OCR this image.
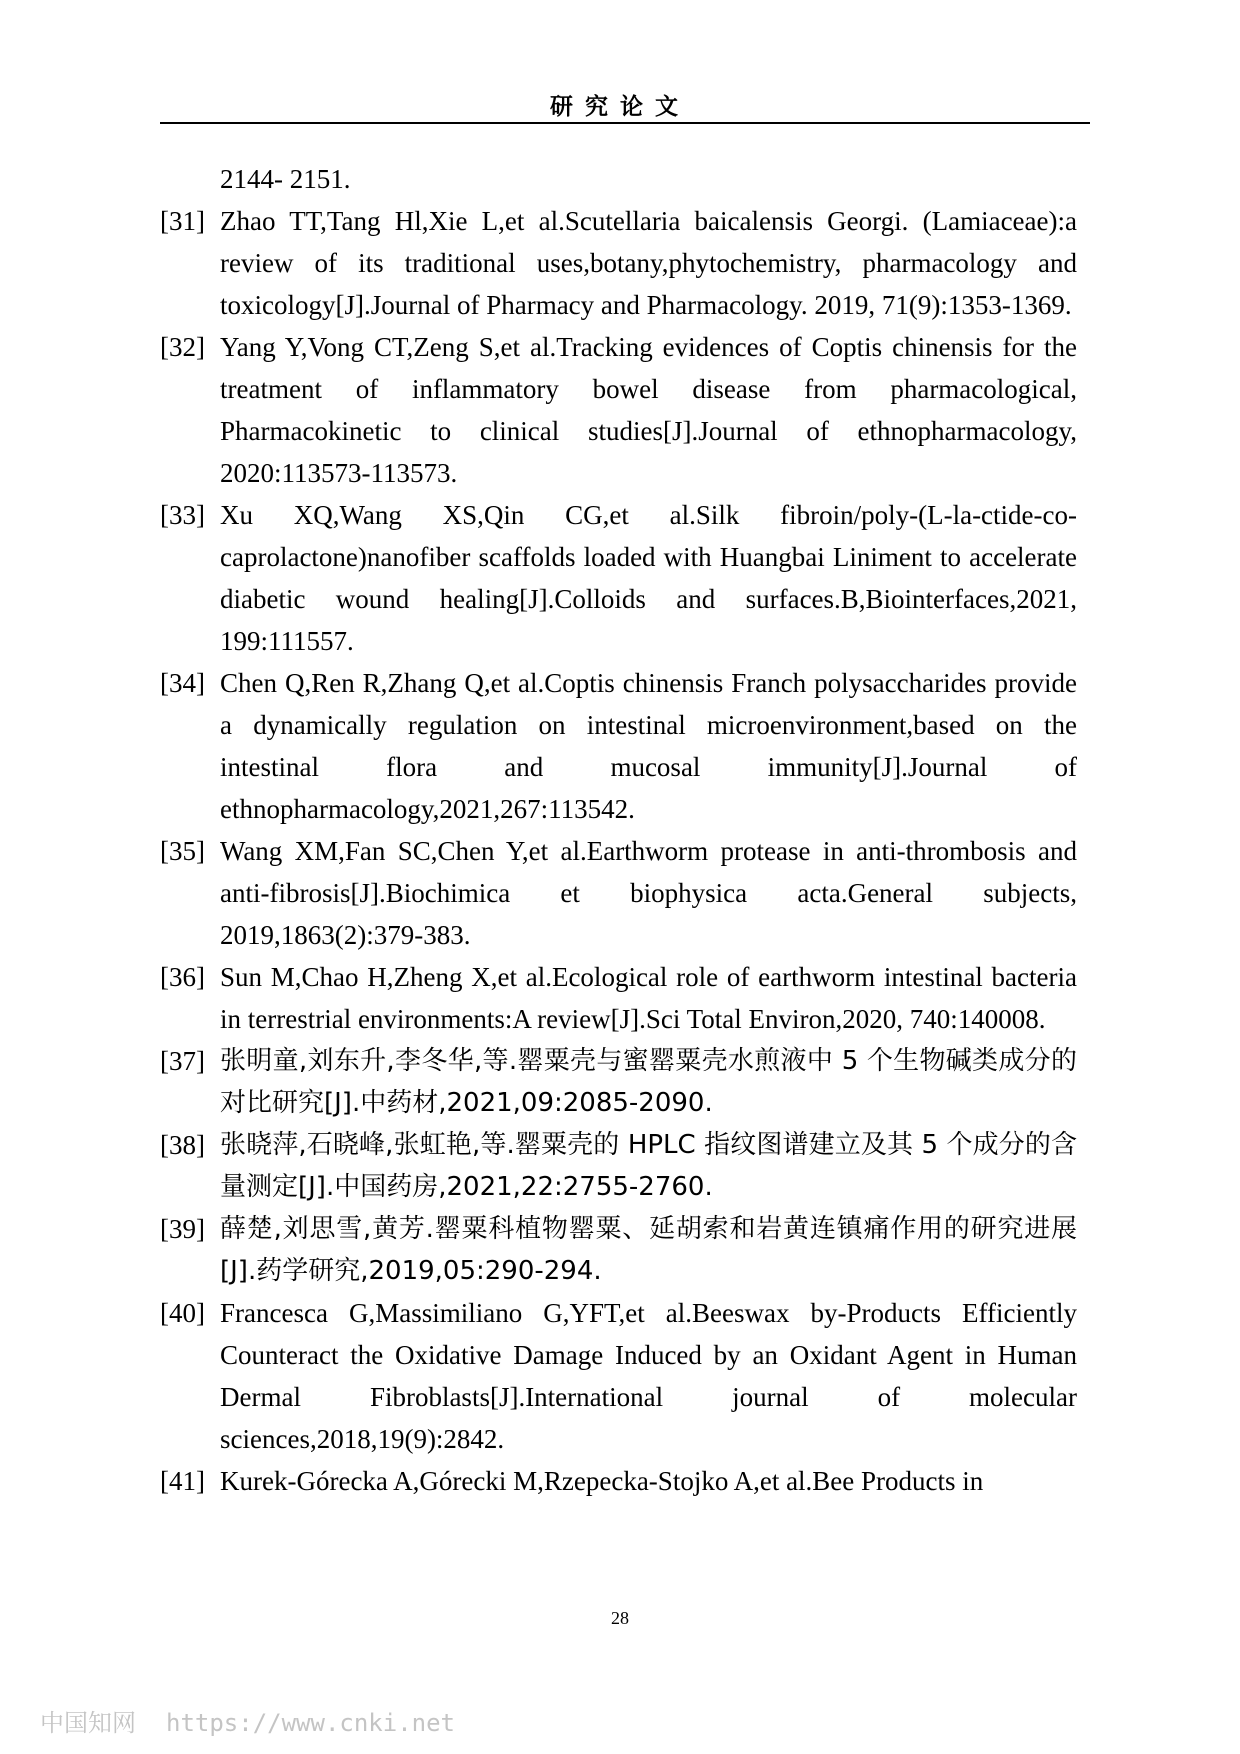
研究论文
2144- 2151.
[31] Zhao TT,Tang Hl,Xie L,et al.Scutellaria baicalensis Georgi. (Lamiaceae):a review of its traditional uses,botany,phytochemistry, pharmacology and toxicology[J].Journal of Pharmacy and Pharmacology. 2019, 71(9):1353-1369.
[32] Yang Y,Vong CT,Zeng S,et al.Tracking evidences of Coptis chinensis for the treatment of inflammatory bowel disease from pharmacological, Pharmacokinetic to clinical studies[J].Journal of ethnopharmacology, 2020:113573-113573.
[33] Xu XQ,Wang XS,Qin CG,et al.Silk fibroin/poly-(L-la-ctide-co-caprolactone)nanofiber scaffolds loaded with Huangbai Liniment to accelerate diabetic wound healing[J].Colloids and surfaces.B,Biointerfaces,2021, 199:111557.
[34] Chen Q,Ren R,Zhang Q,et al.Coptis chinensis Franch polysaccharides provide a dynamically regulation on intestinal microenvironment,based on the intestinal flora and mucosal immunity[J].Journal of ethnopharmacology,2021,267:113542.
[35] Wang XM,Fan SC,Chen Y,et al.Earthworm protease in anti-thrombosis and anti-fibrosis[J].Biochimica et biophysica acta.General subjects, 2019,1863(2):379-383.
[36] Sun M,Chao H,Zheng X,et al.Ecological role of earthworm intestinal bacteria in terrestrial environments:A review[J].Sci Total Environ,2020, 740:140008.
[37] 张明童,刘东升,李冬华,等.罂粟壳与蜜罂粟壳水煎液中 5 个生物碱类成分的对比研究[J].中药材,2021,09:2085-2090.
[38] 张晓萍,石晓峰,张虹艳,等.罂粟壳的 HPLC 指纹图谱建立及其 5 个成分的含量测定[J].中国药房,2021,22:2755-2760.
[39] 薛楚,刘思雪,黄芳.罂粟科植物罂粟、延胡索和岩黄连镇痛作用的研究进展[J].药学研究,2019,05:290-294.
[40] Francesca G,Massimiliano G,YFT,et al.Beeswax by-Products Efficiently Counteract the Oxidative Damage Induced by an Oxidant Agent in Human Dermal Fibroblasts[J].International journal of molecular sciences,2018,19(9):2842.
[41] Kurek-Górecka A,Górecki M,Rzepecka-Stojko A,et al.Bee Products in
28
中国知网 https://www.cnki.net
